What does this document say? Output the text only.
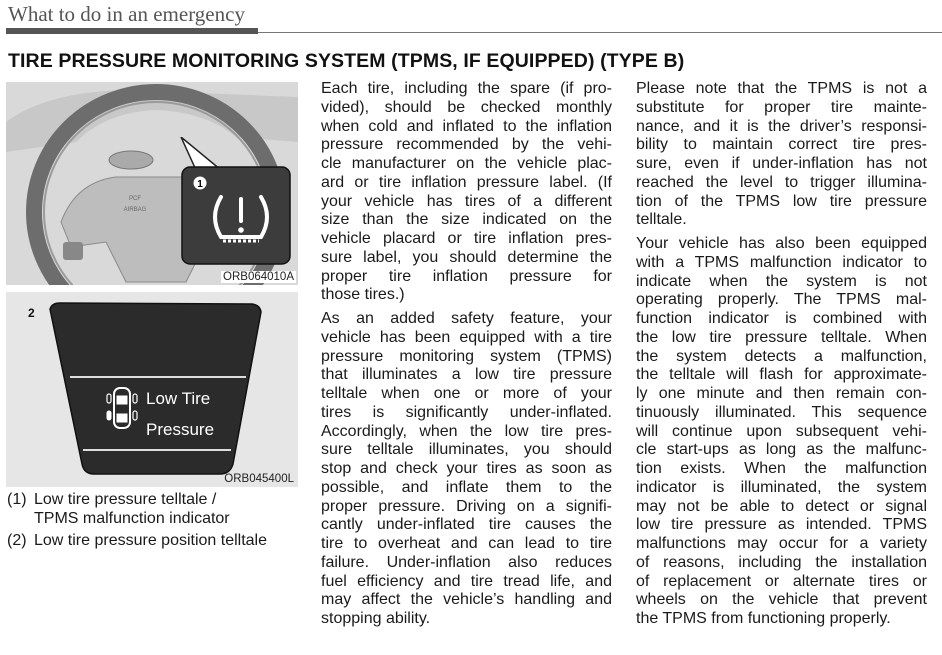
What to do in an emergency
TIRE PRESSURE MONITORING SYSTEM (TPMS, IF EQUIPPED) (TYPE B)
PCF
AIRBAG
1
ORB064010A
2
Low Tire
Pressure
ORB045400L
(1) Low tire pressure telltale /
TPMS malfunction indicator
(2) Low tire pressure position telltale
Each tire, including the spare (if pro-
vided), should be checked monthly
when cold and inflated to the inflation
pressure recommended by the vehi-
cle manufacturer on the vehicle plac-
ard or tire inflation pressure label. (If
your vehicle has tires of a different
size than the size indicated on the
vehicle placard or tire inflation pres-
sure label, you should determine the
proper tire inflation pressure for
those tires.)
As an added safety feature, your
vehicle has been equipped with a tire
pressure monitoring system (TPMS)
that illuminates a low tire pressure
telltale when one or more of your
tires is significantly under-inflated.
Accordingly, when the low tire pres-
sure telltale illuminates, you should
stop and check your tires as soon as
possible, and inflate them to the
proper pressure. Driving on a signifi-
cantly under-inflated tire causes the
tire to overheat and can lead to tire
failure. Under-inflation also reduces
fuel efficiency and tire tread life, and
may affect the vehicle’s handling and
stopping ability.
Please note that the TPMS is not a
substitute for proper tire mainte-
nance, and it is the driver’s responsi-
bility to maintain correct tire pres-
sure, even if under-inflation has not
reached the level to trigger illumina-
tion of the TPMS low tire pressure
telltale.
Your vehicle has also been equipped
with a TPMS malfunction indicator to
indicate when the system is not
operating properly. The TPMS mal-
function indicator is combined with
the low tire pressure telltale. When
the system detects a malfunction,
the telltale will flash for approximate-
ly one minute and then remain con-
tinuously illuminated. This sequence
will continue upon subsequent vehi-
cle start-ups as long as the malfunc-
tion exists. When the malfunction
indicator is illuminated, the system
may not be able to detect or signal
low tire pressure as intended. TPMS
malfunctions may occur for a variety
of reasons, including the installation
of replacement or alternate tires or
wheels on the vehicle that prevent
the TPMS from functioning properly.
